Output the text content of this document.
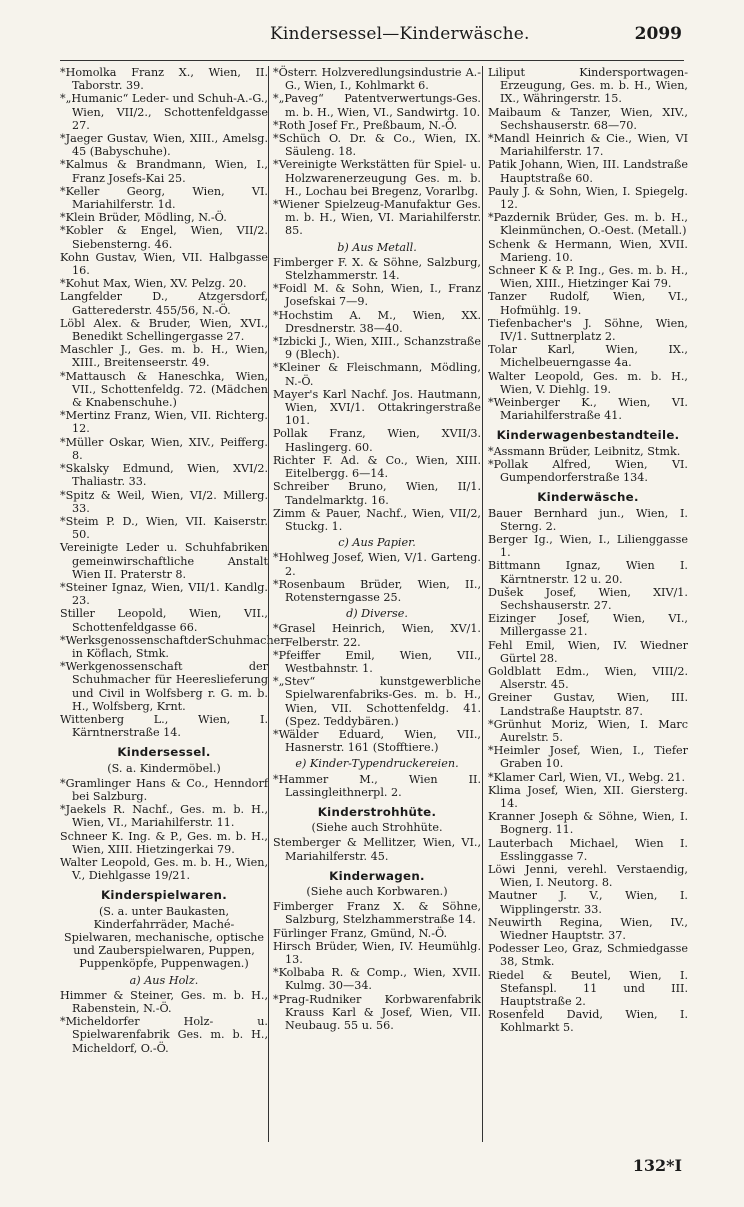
Kindersessel—Kinderwäsche.	2099

*Homolka Franz X., Wien, II. Taborstr. 39.

*„Humanic“ Leder- und Schuh-A.-G., Wien, VII/2., Schottenfeldgasse 27.

*Jaeger Gustav, Wien, XIII., Amelsg. 45 (Babyschuhe).

*Kalmus & Brandmann, Wien, I., Franz Josefs-Kai 25.

*Keller Georg, Wien, VI. Mariahilferstr. 1d.

*Klein Brüder, Mödling, N.-Ö.

*Kobler & Engel, Wien, VII/2. Siebensterng. 46.

Kohn Gustav, Wien, VII. Halbgasse 16.

*Kohut Max, Wien, XV. Pelzg. 20.

Langfelder D., Atzgersdorf, Gatterederstr. 455/56, N.-Ö.

Löbl Alex. & Bruder, Wien, XVI., Benedikt Schellingergasse 27.

Maschler J., Ges. m. b. H., Wien, XIII., Breitenseerstr. 49.

*Mattausch & Haneschka, Wien, VII., Schottenfeldg. 72. (Mädchen & Knabenschuhe.)

*Mertinz Franz, Wien, VII. Richterg. 12.

*Müller Oskar, Wien, XIV., Peifferg. 8.

*Skalsky Edmund, Wien, XVI/2. Thaliastr. 33.

*Spitz & Weil, Wien, VI/2. Millerg. 33.

*Steim P. D., Wien, VII. Kaiserstr. 50.

Vereinigte Leder u. Schuhfabriken gemeinwirschaftliche Anstalt Wien II. Praterstr 8.

*Steiner Ignaz, Wien, VII/1. Kandlg. 23.

Stiller Leopold, Wien, VII., Schottenfeldgasse 66.

*WerksgenossenschaftderSchuhmacher in Köflach, Stmk.

*Werkgenossenschaft der Schuhmacher für Heereslieferung und Civil in Wolfsberg r. G. m. b. H., Wolfsberg, Krnt.

Wittenberg L., Wien, I. Kärntnerstraße 14.

Kindersessel.

(S. a. Kindermöbel.)

*Gramlinger Hans & Co., Henndorf bei Salzburg.

*Jaekels R. Nachf., Ges. m. b. H., Wien, VI., Mariahilferstr. 11.

Schneer K. Ing. & P., Ges. m. b. H., Wien, XIII. Hietzingerkai 79.

Walter Leopold, Ges. m. b. H., Wien, V., Diehlgasse 19/21.

Kinderspielwaren.

(S. a. unter Baukasten, Kinderfahrräder, Maché-Spielwaren, mechanische, optische und Zauberspielwaren, Puppen, Puppenköpfe, Puppenwagen.)

a) Aus Holz.

Himmer & Steiner, Ges. m. b. H., Rabenstein, N.-Ö.

*Micheldorfer Holz- u. Spielwarenfabrik Ges. m. b. H., Micheldorf, O.-Ö.

*Österr. Holzveredlungsindustrie A.-G., Wien, I., Kohlmarkt 6.

*„Paveg“ Patentverwertungs-Ges. m. b. H., Wien, VI., Sandwirtg. 10.

*Roth Josef Fr., Preßbaum, N.-Ö.

*Schüch O. Dr. & Co., Wien, IX. Säuleng. 18.

*Vereinigte Werkstätten für Spiel- u. Holzwarenerzeugung Ges. m. b. H., Lochau bei Bregenz, Vorarlbg.

*Wiener Spielzeug-Manufaktur Ges. m. b. H., Wien, VI. Mariahilferstr. 85.

b) Aus Metall.

Fimberger F. X. & Söhne, Salzburg, Stelzhammerstr. 14.

*Foidl M. & Sohn, Wien, I., Franz Josefskai 7—9.

*Hochstim A. M., Wien, XX. Dresdnerstr. 38—40.

*Izbicki J., Wien, XIII., Schanzstraße 9 (Blech).

*Kleiner & Fleischmann, Mödling, N.-Ö.

Mayer's Karl Nachf. Jos. Hautmann, Wien, XVI/1. Ottakringerstraße 101.

Pollak Franz, Wien, XVII/3. Haslingerg. 60.

Richter F. Ad. & Co., Wien, XIII. Eitelbergg. 6—14.

Schreiber Bruno, Wien, II/1. Tandelmarktg. 16.

Zimm & Pauer, Nachf., Wien, VII/2, Stuckg. 1.

c) Aus Papier.

*Hohlweg Josef, Wien, V/1. Garteng. 2.

*Rosenbaum Brüder, Wien, II., Rotensterngasse 25.

d) Diverse.

*Grasel Heinrich, Wien, XV/1. Felberstr. 22.

*Pfeiffer Emil, Wien, VII., Westbahnstr. 1.

*„Stev“ kunstgewerbliche Spielwarenfabriks-Ges. m. b. H., Wien, VII. Schottenfeldg. 41. (Spez. Teddybären.)

*Wälder Eduard, Wien, VII., Hasnerstr. 161 (Stofftiere.)

e) Kinder-Typendruckereien.

*Hammer M., Wien II. Lassingleithnerpl. 2.

Kinderstrohhüte.

(Siehe auch Strohhüte.

Stemberger & Mellitzer, Wien, VI., Mariahilferstr. 45.

Kinderwagen.

(Siehe auch Korbwaren.)

Fimberger Franz X. & Söhne, Salzburg, Stelzhammerstraße 14.

Fürlinger Franz, Gmünd, N.-Ö.

Hirsch Brüder, Wien, IV. Heumühlg. 13.

*Kolbaba R. & Comp., Wien, XVII. Kulmg. 30—34.

*Prag-Rudniker Korbwarenfabrik Krauss Karl & Josef, Wien, VII. Neubaug. 55 u. 56.

Liliput Kindersportwagen-Erzeugung, Ges. m. b. H., Wien, IX., Währingerstr. 15.

Maibaum & Tanzer, Wien, XIV., Sechshauserstr. 68—70.

*Mandl Heinrich & Cie., Wien, VI Mariahilferstr. 17.

Patik Johann, Wien, III. Landstraße Hauptstraße 60.

Pauly J. & Sohn, Wien, I. Spiegelg. 12.

*Pazdernik Brüder, Ges. m. b. H., Kleinmünchen, O.-Oest. (Metall.)

Schenk & Hermann, Wien, XVII. Marieng. 10.

Schneer K & P. Ing., Ges. m. b. H., Wien, XIII., Hietzinger Kai 79.

Tanzer Rudolf, Wien, VI., Hofmühlg. 19.

Tiefenbacher's J. Söhne, Wien, IV/1. Suttnerplatz 2.

Tolar Karl, Wien, IX., Michelbeuerngasse 4a.

Walter Leopold, Ges. m. b. H., Wien, V. Diehlg. 19.

*Weinberger K., Wien, VI. Mariahilferstraße 41.

Kinderwagenbestandteile.

*Assmann Brüder, Leibnitz, Stmk.

*Pollak Alfred, Wien, VI. Gumpendorferstraße 134.

Kinderwäsche.

Bauer Bernhard jun., Wien, I. Sterng. 2.

Berger Ig., Wien, I., Lilienggasse 1.

Bittmann Ignaz, Wien I. Kärntnerstr. 12 u. 20.

Dušek Josef, Wien, XIV/1. Sechshauserstr. 27.

Eizinger Josef, Wien, VI., Millergasse 21.

Fehl Emil, Wien, IV. Wiedner Gürtel 28.

Goldblatt Edm., Wien, VIII/2. Alserstr. 45.

Greiner Gustav, Wien, III. Landstraße Hauptstr. 87.

*Grünhut Moriz, Wien, I. Marc Aurelstr. 5.

*Heimler Josef, Wien, I., Tiefer Graben 10.

*Klamer Carl, Wien, VI., Webg. 21.

Klima Josef, Wien, XII. Giersterg. 14.

Kranner Joseph & Söhne, Wien, I. Bognerg. 11.

Lauterbach Michael, Wien I. Esslinggasse 7.

Löwi Jenni, verehl. Verstaendig, Wien, I. Neutorg. 8.

Mautner J. V., Wien, I. Wipplingerstr. 33.

Neuwirth Regina, Wien, IV., Wiedner Hauptstr. 37.

Podesser Leo, Graz, Schmiedgasse 38, Stmk.

Riedel & Beutel, Wien, I. Stefanspl. 11 und III. Hauptstraße 2.

Rosenfeld David, Wien, I. Kohlmarkt 5.

132*I
